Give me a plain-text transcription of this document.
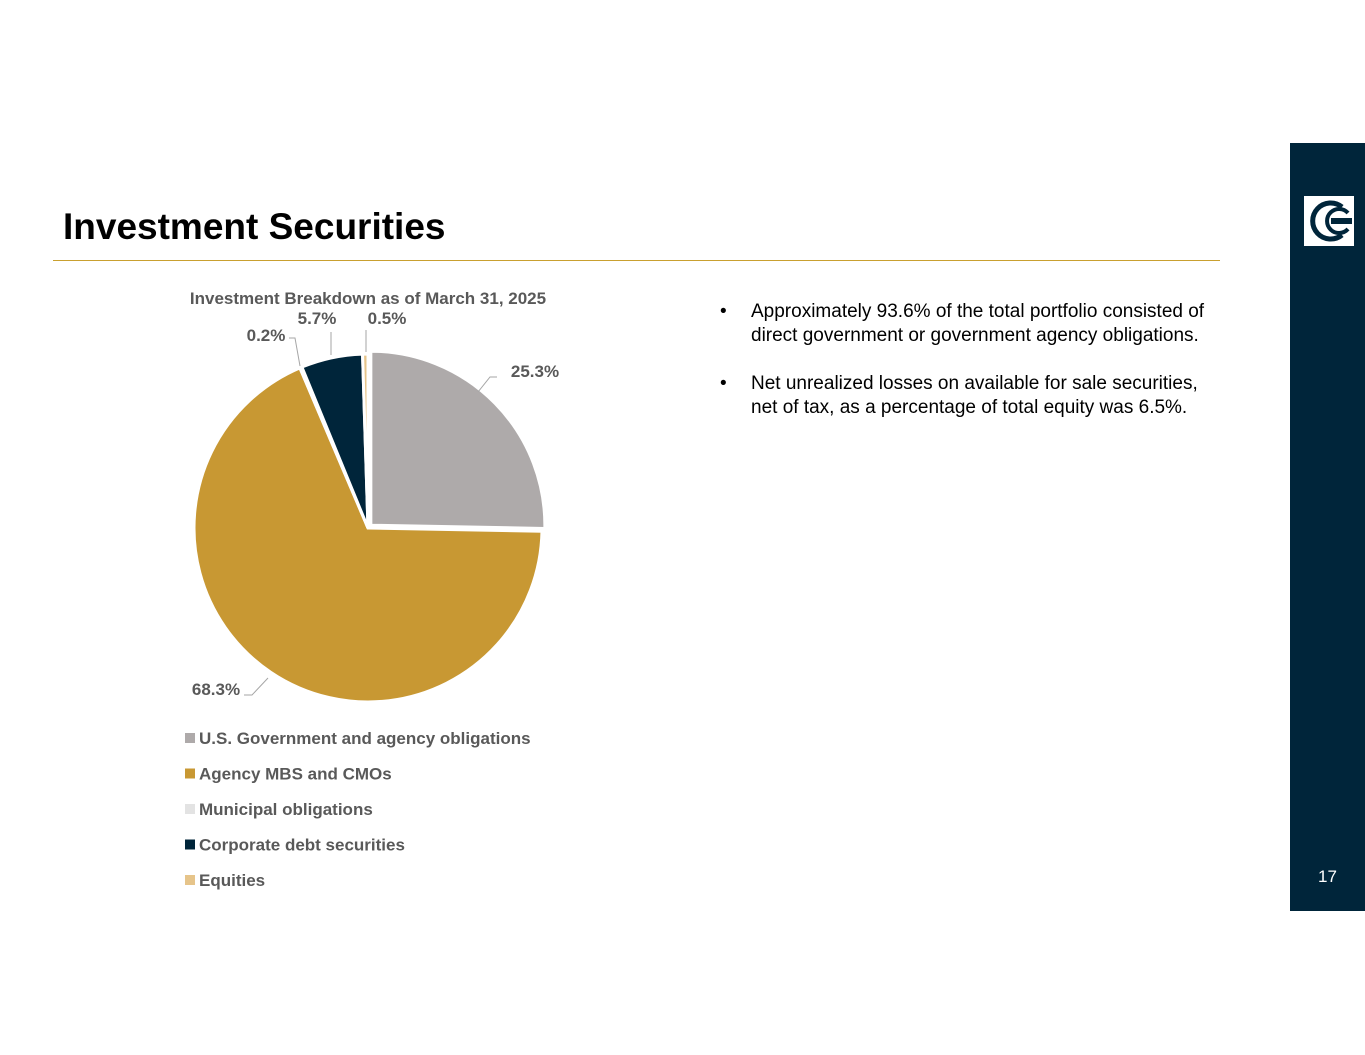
Investment Securities
Investment Breakdown as of March 31, 2025
25.3%
68.3%
0.2%
5.7% 0.5%
U.S. Government and agency obligations
Agency MBS and CMOs
Municipal obligations
Corporate debt securities
Equities
• Approximately 93.6% of the total portfolio consisted of direct government or government agency obligations.
• Net unrealized losses on available for sale securities, net of tax, as a percentage of total equity was 6.5%.
17
